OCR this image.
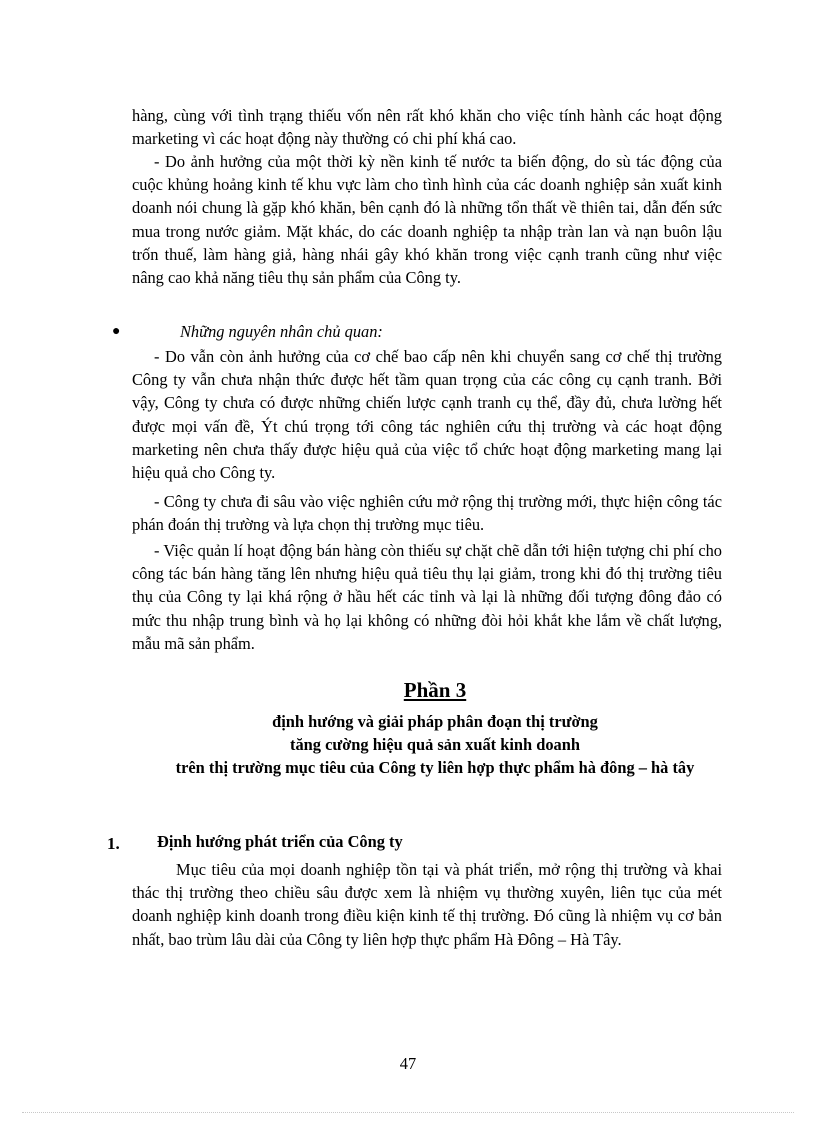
hàng, cùng với tình trạng thiếu vốn nên rất khó khăn cho việc tính hành các hoạt động marketing vì các hoạt động này thường có chi phí khá cao.

- Do ảnh hưởng của một thời kỳ nền kinh tế nước ta biến động, do sù tác động của cuộc khủng hoảng kinh tế khu vực làm cho tình hình của các doanh nghiệp sản xuất kinh doanh nói chung là gặp khó khăn, bên cạnh đó là những tổn thất về thiên tai, dẫn đến sức mua trong nước giảm. Mặt khác, do các doanh nghiệp ta nhập tràn lan và nạn buôn lậu trốn thuế, làm hàng giả, hàng nhái gây khó khăn trong việc cạnh tranh cũng như việc nâng cao khả năng tiêu thụ sản phẩm của Công ty.

●	Những nguyên nhân chủ quan:

- Do vẫn còn ảnh hưởng của cơ chế bao cấp nên khi chuyển sang cơ chế thị trường Công ty vẫn chưa nhận thức được hết tầm quan trọng của các công cụ cạnh tranh. Bởi vậy, Công ty chưa có được những chiến lược cạnh tranh cụ thể, đầy đủ, chưa lường hết được mọi vấn đề, Ýt chú trọng tới công tác nghiên cứu thị trường và các hoạt động marketing nên chưa thấy được hiệu quả của việc tổ chức hoạt động marketing mang lại hiệu quả cho Công ty.

- Công ty chưa đi sâu vào việc nghiên cứu mở rộng thị trường mới, thực hiện công tác phán đoán thị trường và lựa chọn thị trường mục tiêu.

- Việc quản lí hoạt động bán hàng còn thiếu sự chặt chẽ dẫn tới hiện tượng chi phí cho công tác bán hàng tăng lên nhưng hiệu quả tiêu thụ lại giảm, trong khi đó thị trường tiêu thụ của Công ty lại khá rộng ở hầu hết các tỉnh và lại là những đối tượng đông đảo có mức thu nhập trung bình và họ lại không có những đòi hỏi khắt khe lắm về chất lượng, mẫu mã sản phẩm.

Phần 3
định hướng và giải pháp phân đoạn thị trường
tăng cường hiệu quả sản xuất kinh doanh
trên thị trường mục tiêu của Công ty liên hợp thực phẩm hà đông – hà tây
1. Định hướng phát triển của Công ty

Mục tiêu của mọi doanh nghiệp tồn tại và phát triển, mở rộng thị trường và khai thác thị trường theo chiều sâu được xem là nhiệm vụ thường xuyên, liên tục của mét doanh nghiệp kinh doanh trong điều kiện kinh tế thị trường. Đó cũng là nhiệm vụ cơ bản nhất, bao trùm lâu dài của Công ty liên hợp thực phẩm Hà Đông – Hà Tây.

47
